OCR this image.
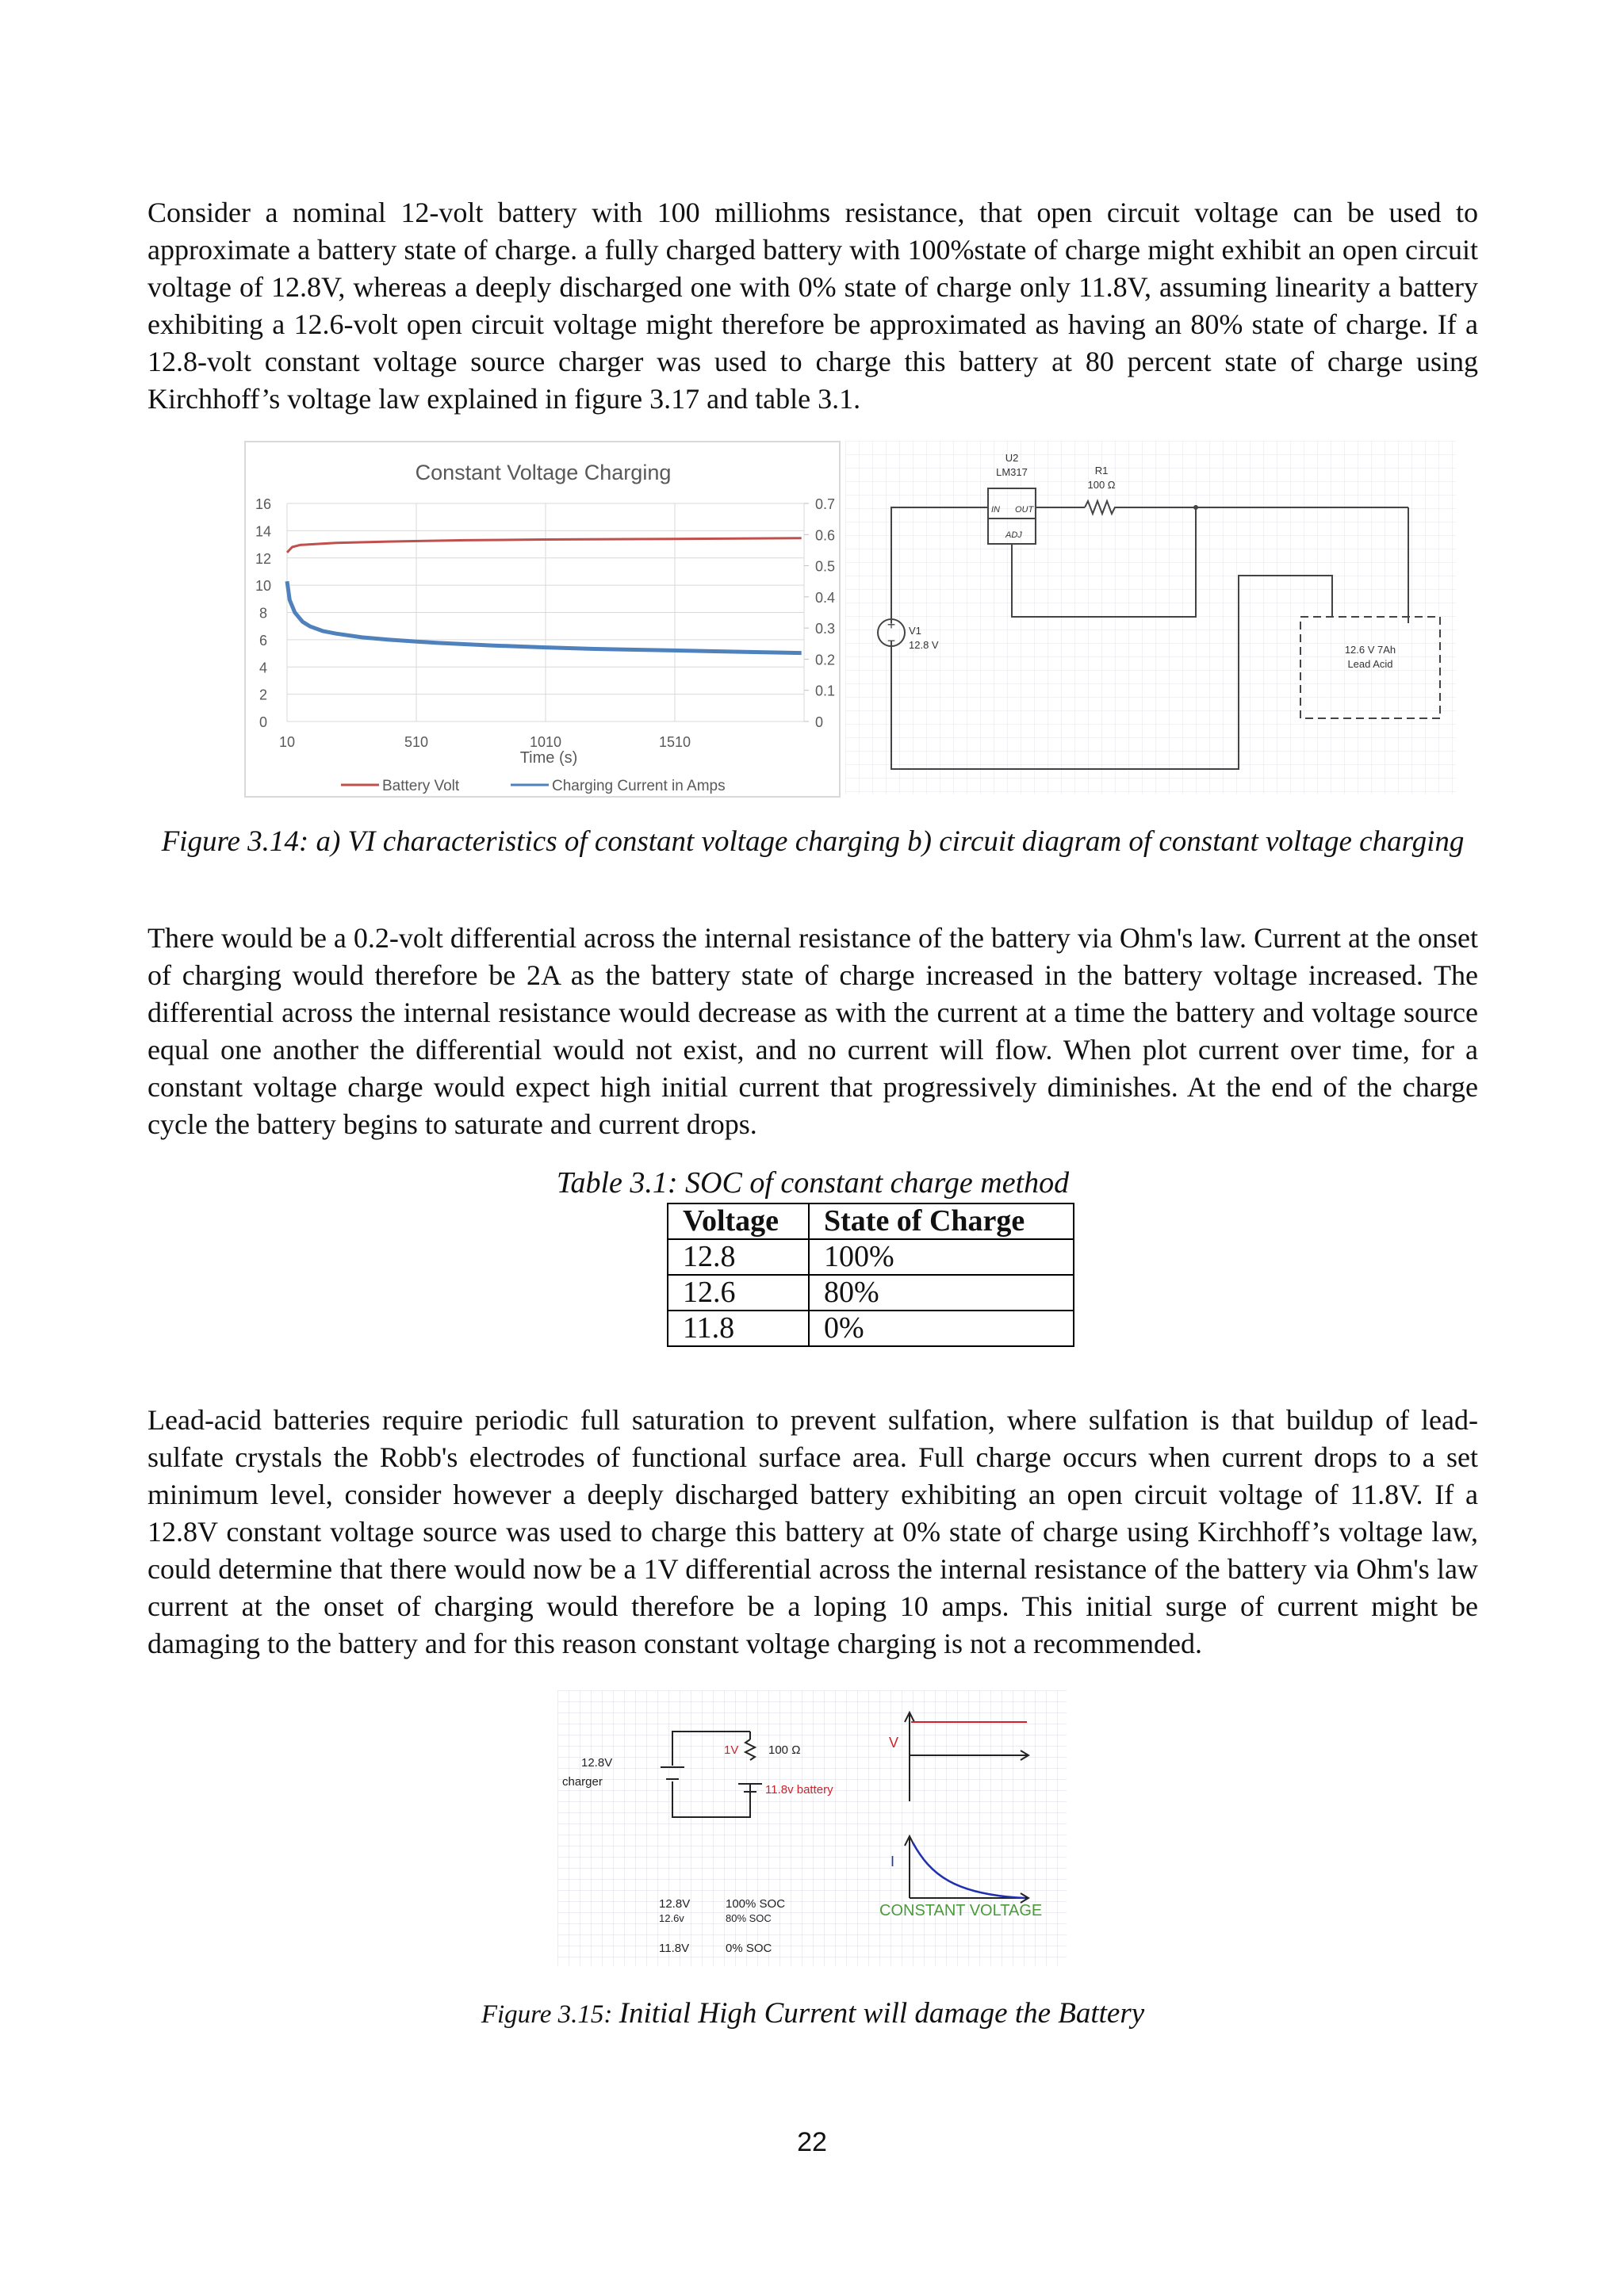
Consider a nominal 12-volt battery with 100 milliohms resistance, that open circuit voltage can be used to approximate a battery state of charge. a fully charged battery with 100%state of charge might exhibit an open circuit voltage of 12.8V, whereas a deeply discharged one with 0% state of charge only 11.8V, assuming linearity a battery exhibiting a 12.6-volt open circuit voltage might therefore be approximated as having an 80% state of charge. If a 12.8-volt constant voltage source charger was used to charge this battery at 80 percent state of charge using Kirchhoff’s voltage law explained in figure 3.17 and table 3.1.

Constant Voltage Charging
0
2
4
6
8
10
12
14
16
10	510	1010	1510
0
0.1
0.2
0.3
0.4
0.5
0.6
0.7
Time (s)
Battery Volt	Charging Current in Amps
+
−
U2
LM317
IN OUT
ADJ
R1
100 Ω
V1
12.8 V	12.6 V 7Ah
Lead Acid

Figure 3.14: a) VI characteristics of constant voltage charging b) circuit diagram of constant voltage charging

There would be a 0.2-volt differential across the internal resistance of the battery via Ohm's law. Current at the onset of charging would therefore be 2A as the battery state of charge increased in the battery voltage increased. The differential across the internal resistance would decrease as with the current at a time the battery and voltage source equal one another the differential would not exist, and no current will flow. When plot current over time, for a constant voltage charge would expect high initial current that progressively diminishes. At the end of the charge cycle the battery begins to saturate and current drops.

Table 3.1: SOC of constant charge method

Voltage	State of Charge
12.8	100%
12.6	80%
11.8	0%

Lead-acid batteries require periodic full saturation to prevent sulfation, where sulfation is that buildup of lead-sulfate crystals the Robb's electrodes of functional surface area. Full charge occurs when current drops to a set minimum level, consider however a deeply discharged battery exhibiting an open circuit voltage of 11.8V. If a 12.8V constant voltage source was used to charge this battery at 0% state of charge using Kirchhoff’s voltage law, could determine that there would now be a 1V differential across the internal resistance of the battery via Ohm's law current at the onset of charging would therefore be a loping 10 amps. This initial surge of current might be damaging to the battery and for this reason constant voltage charging is not a recommended.

12.8V
charger
1V	100 Ω
11.8v battery
V
I
CONSTANT VOLTAGE
12.8V	100% SOC
12.6v	80% SOC
11.8V	0% SOC

Figure 3.15: Initial High Current will damage the Battery

22
